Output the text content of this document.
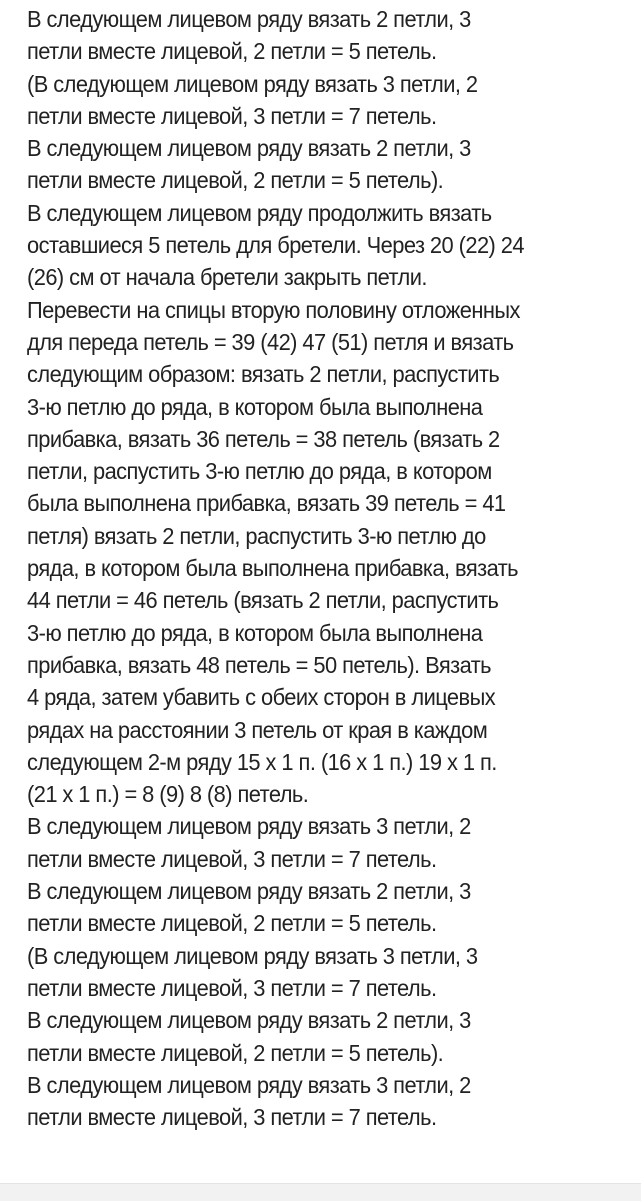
В следующем лицевом ряду вязать 2 петли, 3
петли вместе лицевой, 2 петли = 5 петель.
(В следующем лицевом ряду вязать 3 петли, 2
петли вместе лицевой, 3 петли = 7 петель.
В следующем лицевом ряду вязать 2 петли, 3
петли вместе лицевой, 2 петли = 5 петель).
В следующем лицевом ряду продолжить вязать
оставшиеся 5 петель для бретели. Через 20 (22) 24
(26) см от начала бретели закрыть петли.
Перевести на спицы вторую половину отложенных
для переда петель = 39 (42) 47 (51) петля и вязать
следующим образом: вязать 2 петли, распустить
3-ю петлю до ряда, в котором была выполнена
прибавка, вязать 36 петель = 38 петель (вязать 2
петли, распустить 3-ю петлю до ряда, в котором
была выполнена прибавка, вязать 39 петель = 41
петля) вязать 2 петли, распустить 3-ю петлю до
ряда, в котором была выполнена прибавка, вязать
44 петли = 46 петель (вязать 2 петли, распустить
3-ю петлю до ряда, в котором была выполнена
прибавка, вязать 48 петель = 50 петель). Вязать
4 ряда, затем убавить с обеих сторон в лицевых
рядах на расстоянии 3 петель от края в каждом
следующем 2-м ряду 15 x 1 п. (16 x 1 п.) 19 x 1 п.
(21 x 1 п.) = 8 (9) 8 (8) петель.
В следующем лицевом ряду вязать 3 петли, 2
петли вместе лицевой, 3 петли = 7 петель.
В следующем лицевом ряду вязать 2 петли, 3
петли вместе лицевой, 2 петли = 5 петель.
(В следующем лицевом ряду вязать 3 петли, 3
петли вместе лицевой, 3 петли = 7 петель.
В следующем лицевом ряду вязать 2 петли, 3
петли вместе лицевой, 2 петли = 5 петель).
В следующем лицевом ряду вязать 3 петли, 2
петли вместе лицевой, 3 петли = 7 петель.
